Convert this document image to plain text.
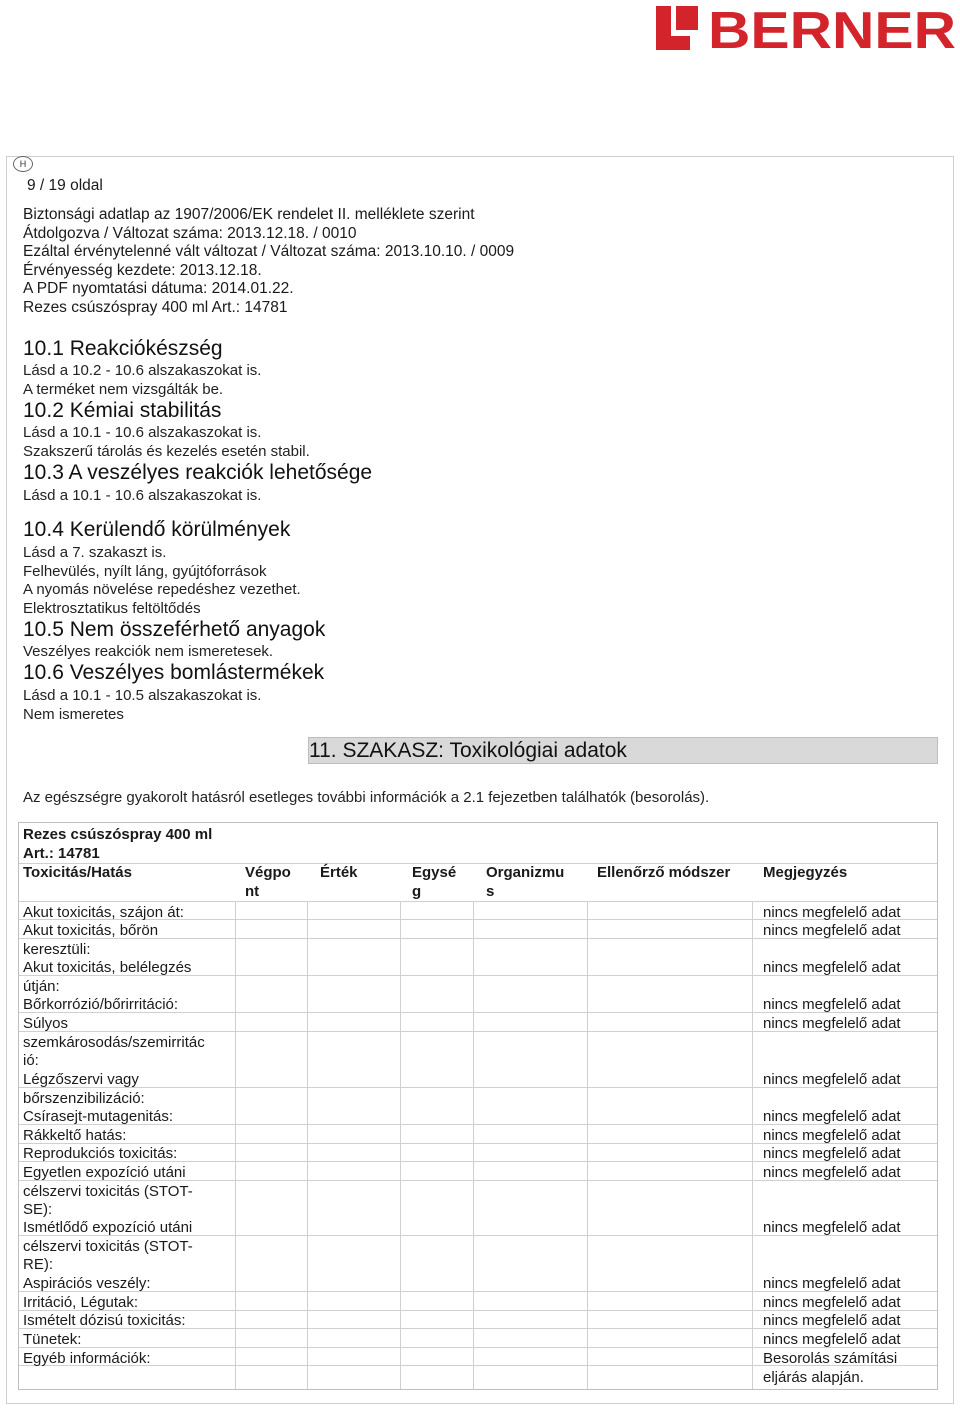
BERNER
H
9 / 19 oldal
Biztonsági adatlap az 1907/2006/EK rendelet II. melléklete szerint
Átdolgozva / Változat száma: 2013.12.18. / 0010
Ezáltal érvénytelenné vált változat / Változat száma: 2013.10.10. / 0009
Érvényesség kezdete: 2013.12.18.
A PDF nyomtatási dátuma: 2014.01.22.
Rezes csúszóspray 400 ml Art.: 14781
10.1 Reakciókészség
Lásd a 10.2 - 10.6 alszakaszokat is.
A terméket nem vizsgálták be.
10.2 Kémiai stabilitás
Lásd a 10.1 - 10.6 alszakaszokat is.
Szakszerű tárolás és kezelés esetén stabil.
10.3 A veszélyes reakciók lehetősége
Lásd a 10.1 - 10.6 alszakaszokat is.
10.4 Kerülendő körülmények
Lásd a 7. szakaszt is.
Felhevülés, nyílt láng, gyújtóforrások
A nyomás növelése repedéshez vezethet.
Elektrosztatikus feltöltődés
10.5 Nem összeférhető anyagok
Veszélyes reakciók nem ismeretesek.
10.6 Veszélyes bomlástermékek
Lásd a 10.1 - 10.5 alszakaszokat is.
Nem ismeretes
11. SZAKASZ: Toxikológiai adatok
Az egészségre gyakorolt hatásról esetleges további információk a 2.1 fejezetben találhatók (besorolás).
Rezes csúszóspray 400 ml
Art.: 14781
Toxicitás/Hatás	Végpo
nt
Érték	Egysé
g
Organizmu
s
Ellenőrző módszer Megjegyzés
Akut toxicitás, szájon át:
Akut toxicitás, bőrön
keresztüli:
Akut toxicitás, belélegzés
útján:
Bőrkorrózió/bőrirritáció:
Súlyos
szemkárosodás/szemirritác
ió:
Légzőszervi vagy
bőrszenzibilizáció:
Csírasejt-mutagenitás:
Rákkeltő hatás:
Reprodukciós toxicitás:
Egyetlen expozíció utáni
célszervi toxicitás (STOT-
SE):
Ismétlődő expozíció utáni
célszervi toxicitás (STOT-
RE):
Aspirációs veszély:
Irritáció, Légutak:
Ismételt dózisú toxicitás:
Tünetek:
Egyéb információk:
nincs megfelelő adat
nincs megfelelő adat
nincs megfelelő adat
nincs megfelelő adat
nincs megfelelő adat
nincs megfelelő adat
nincs megfelelő adat
nincs megfelelő adat
nincs megfelelő adat
nincs megfelelő adat
nincs megfelelő adat
nincs megfelelő adat
nincs megfelelő adat
nincs megfelelő adat
nincs megfelelő adat
Besorolás számítási
eljárás alapján.
